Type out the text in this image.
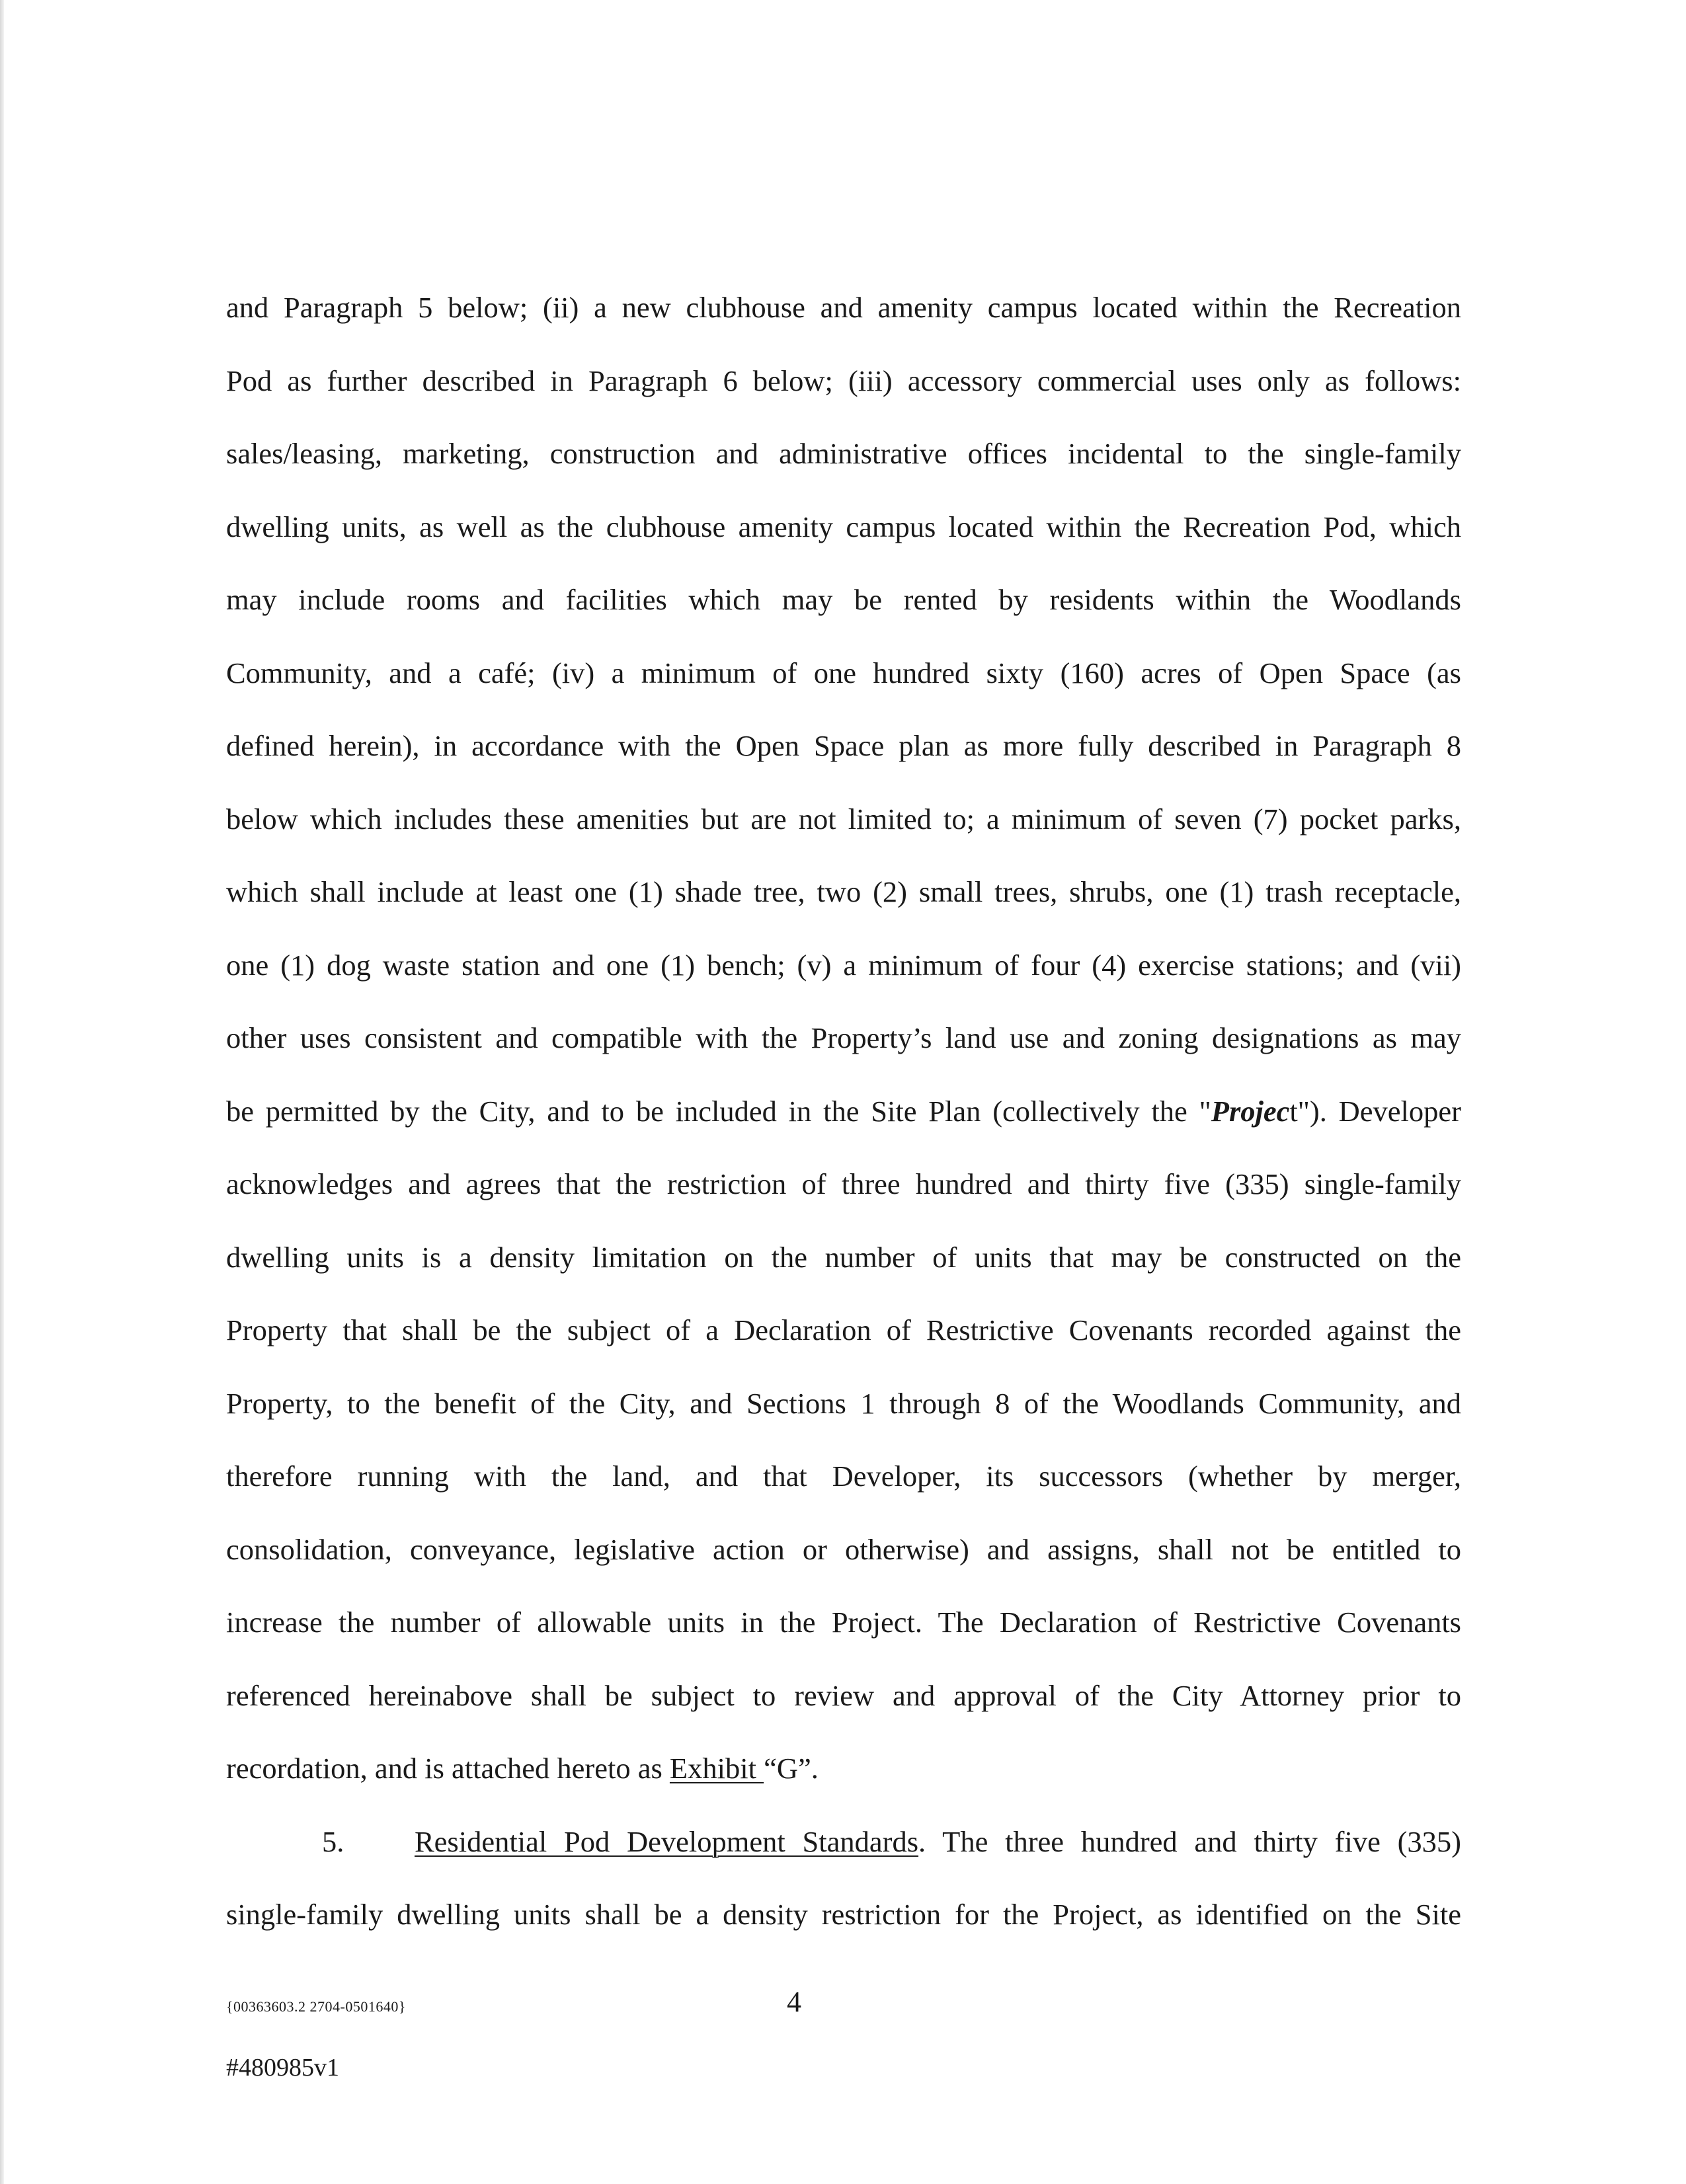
and Paragraph 5 below; (ii) a new clubhouse and amenity campus located within the Recreation
Pod as further described in Paragraph 6 below; (iii) accessory commercial uses only as follows:
sales/leasing, marketing, construction and administrative offices incidental to the single-family
dwelling units, as well as the clubhouse amenity campus located within the Recreation Pod, which
may include rooms and facilities which may be rented by residents within the Woodlands
Community, and a café; (iv) a minimum of one hundred sixty (160) acres of Open Space (as
defined herein), in accordance with the Open Space plan as more fully described in Paragraph 8
below which includes these amenities but are not limited to; a minimum of seven (7) pocket parks,
which shall include at least one (1) shade tree, two (2) small trees, shrubs, one (1) trash receptacle,
one (1) dog waste station and one (1) bench; (v) a minimum of four (4) exercise stations; and (vii)
other uses consistent and compatible with the Property’s land use and zoning designations as may
be permitted by the City, and to be included in the Site Plan (collectively the "Project"). Developer
acknowledges and agrees that the restriction of three hundred and thirty five (335) single-family
dwelling units is a density limitation on the number of units that may be constructed on the
Property that shall be the subject of a Declaration of Restrictive Covenants recorded against the
Property, to the benefit of the City, and Sections 1 through 8 of the Woodlands Community, and
therefore running with the land, and that Developer, its successors (whether by merger,
consolidation, conveyance, legislative action or otherwise) and assigns, shall not be entitled to
increase the number of allowable units in the Project. The Declaration of Restrictive Covenants
referenced hereinabove shall be subject to review and approval of the City Attorney prior to
recordation, and is attached hereto as Exhibit “G”.
5. Residential Pod Development Standards. The three hundred and thirty five (335)
single-family dwelling units shall be a density restriction for the Project, as identified on the Site
{00363603.2 2704-0501640}	4
#480985v1
